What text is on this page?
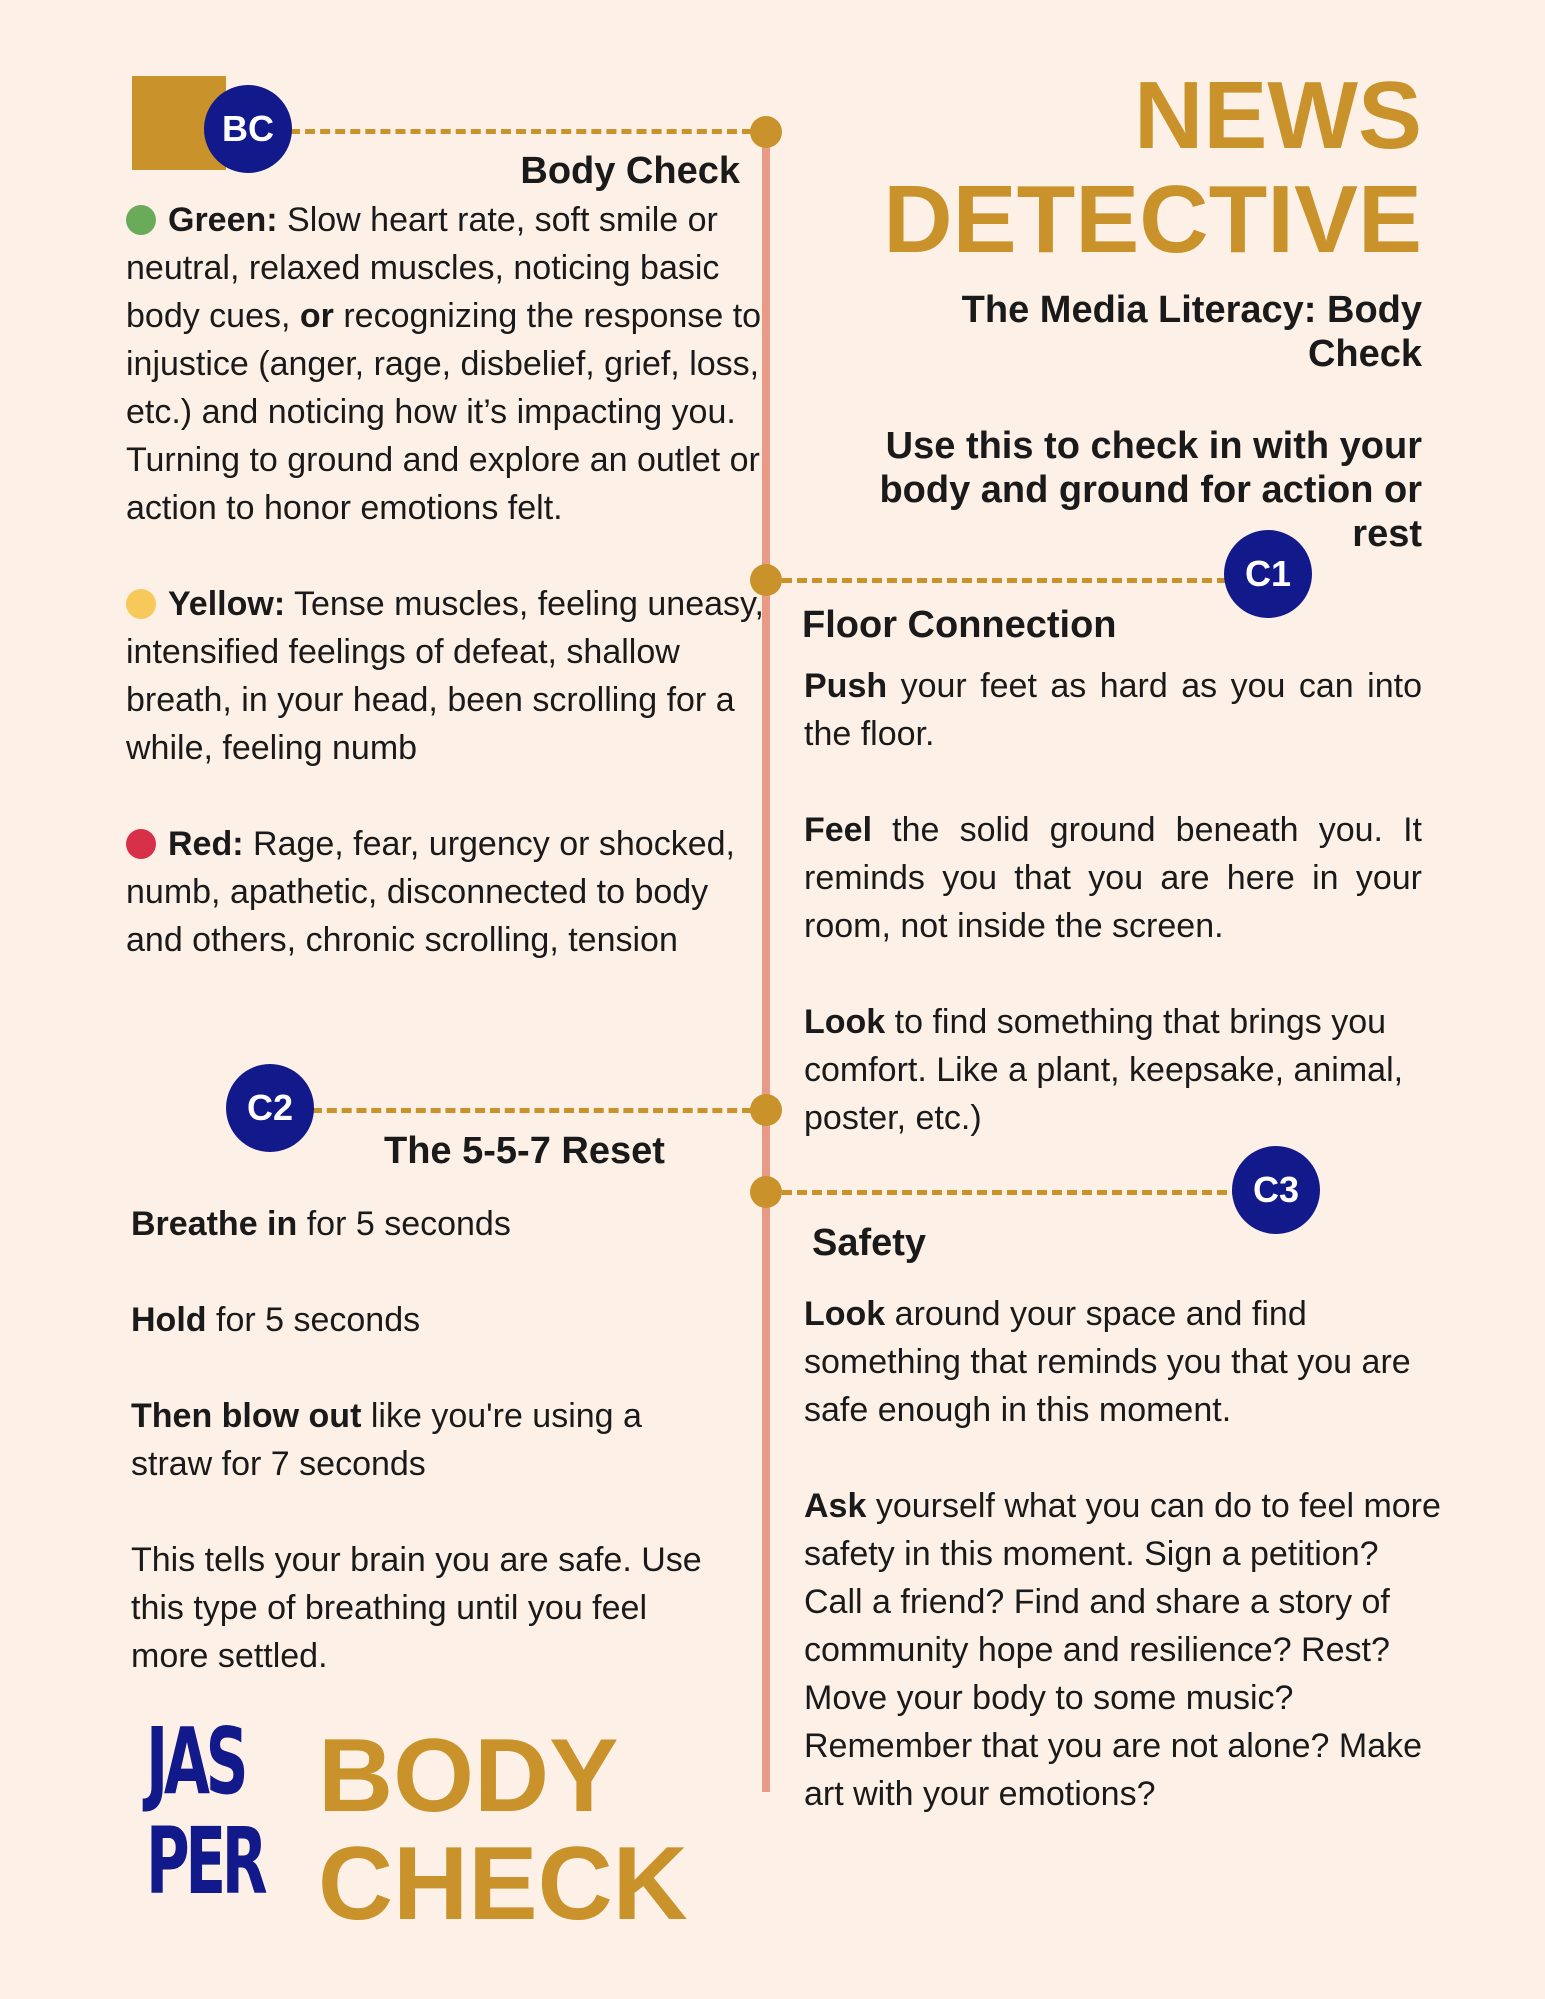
BC
C1
C2
C3
NEWS
DETECTIVE
The Media Literacy: Body Check
Use this to check in with your body and ground for action or rest
Body Check

Green: Slow heart rate, soft smile or neutral, relaxed muscles, noticing basic body cues, or recognizing the response to injustice (anger, rage, disbelief, grief, loss, etc.) and noticing how it’s impacting you. Turning to ground and explore an outlet or action to honor emotions felt.

Yellow: Tense muscles, feeling uneasy, intensified feelings of defeat, shallow breath, in your head, been scrolling for a while, feeling numb

Red: Rage, fear, urgency or shocked, numb, apathetic, disconnected to body and others, chronic scrolling, tension

The 5-5-7 Reset

Breathe in for 5 seconds

Hold for 5 seconds

Then blow out like you're using a straw for 7 seconds

This tells your brain you are safe. Use this type of breathing until you feel more settled.

Floor Connection

Push your feet as hard as you can into the floor.

Feel the solid ground beneath you. It reminds you that you are here in your room, not inside the screen.

Look to find something that brings you comfort. Like a plant, keepsake, animal, poster, etc.)

Safety

Look around your space and find something that reminds you that you are safe enough in this moment.

Ask yourself what you can do to feel more safety in this moment. Sign a petition? Call a friend? Find and share a story of community hope and resilience? Rest? Move your body to some music? Remember that you are not alone? Make art with your emotions?

JAS
PER
BODY
CHECK
